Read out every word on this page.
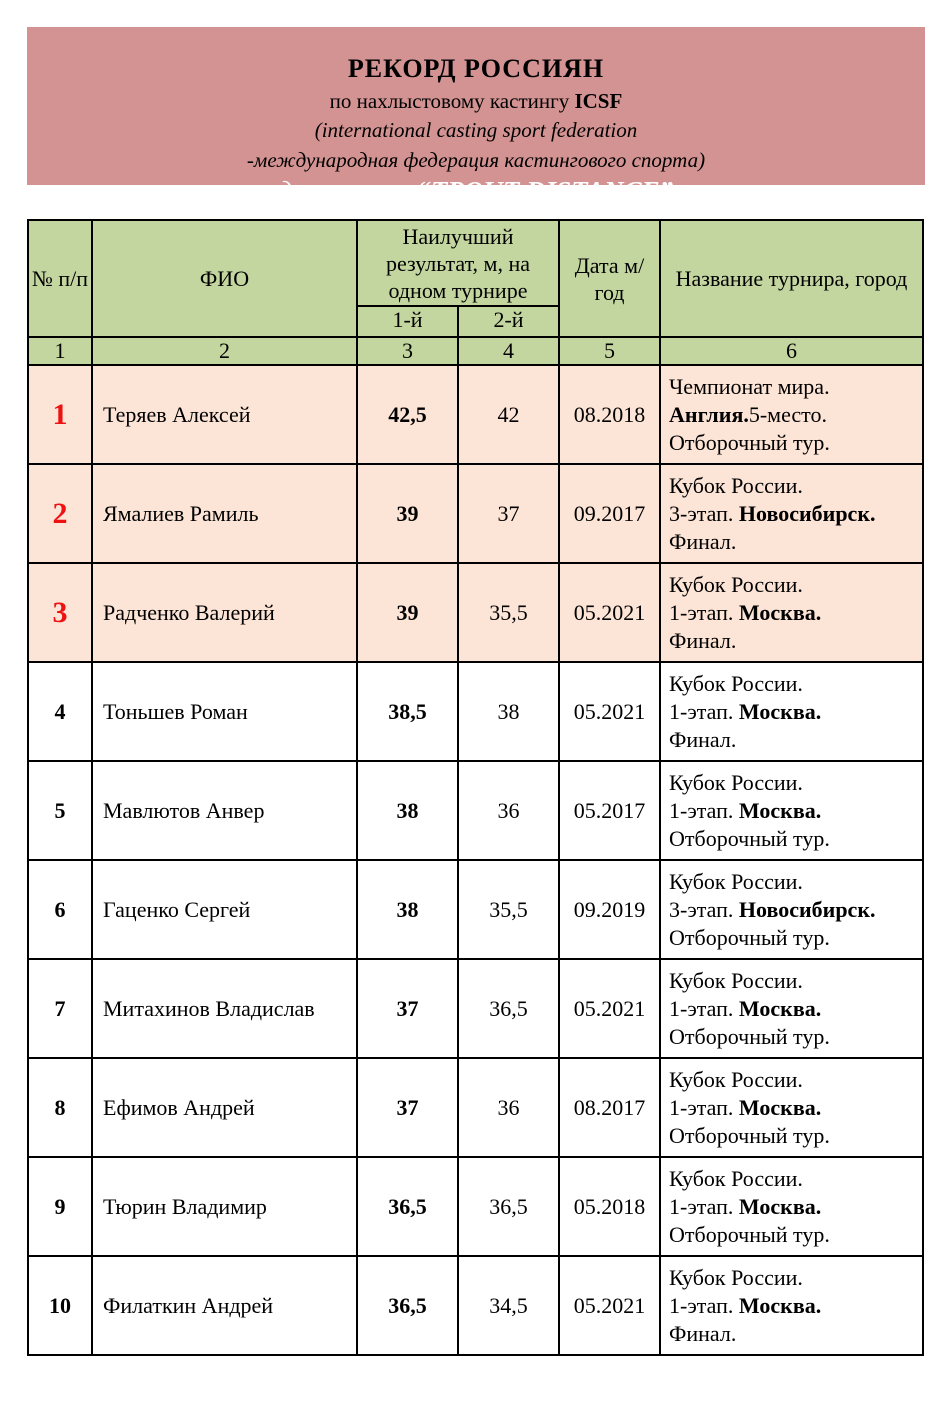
РЕКОРД РОССИЯН
по нахлыстовому кастингу ICSF
(international casting sport federation
-международная федерация кастингового спорта)
дисциплина “TPOUT DISTANCE”
№ п/п	ФИО	Наилучший результат, м, на одном турнире		Дата м/год	Название турнира, город
		1-й	2-й		
1	2	3	4	5	6
1	Теряев Алексей	42,5	42	08.2018	Чемпионат мира.
Англия.5-место.
Отборочный тур.
2	Ямалиев Рамиль	39	37	09.2017	Кубок России.
3-этап. Новосибирск.
Финал.
3	Радченко Валерий	39	35,5	05.2021	Кубок России.
1-этап. Москва.
Финал.
4	Тоньшев Роман	38,5	38	05.2021	Кубок России.
1-этап. Москва.
Финал.
5	Мавлютов Анвер	38	36	05.2017	Кубок России.
1-этап. Москва.
Отборочный тур.
6	Гаценко Сергей	38	35,5	09.2019	Кубок России.
3-этап. Новосибирск.
Отборочный тур.
7	Митахинов Владислав	37	36,5	05.2021	Кубок России.
1-этап. Москва.
Отборочный тур.
8	Ефимов Андрей	37	36	08.2017	Кубок России.
1-этап. Москва.
Отборочный тур.
9	Тюрин Владимир	36,5	36,5	05.2018	Кубок России.
1-этап. Москва.
Отборочный тур.
10	Филаткин Андрей	36,5	34,5	05.2021	Кубок России.
1-этап. Москва.
Финал.
